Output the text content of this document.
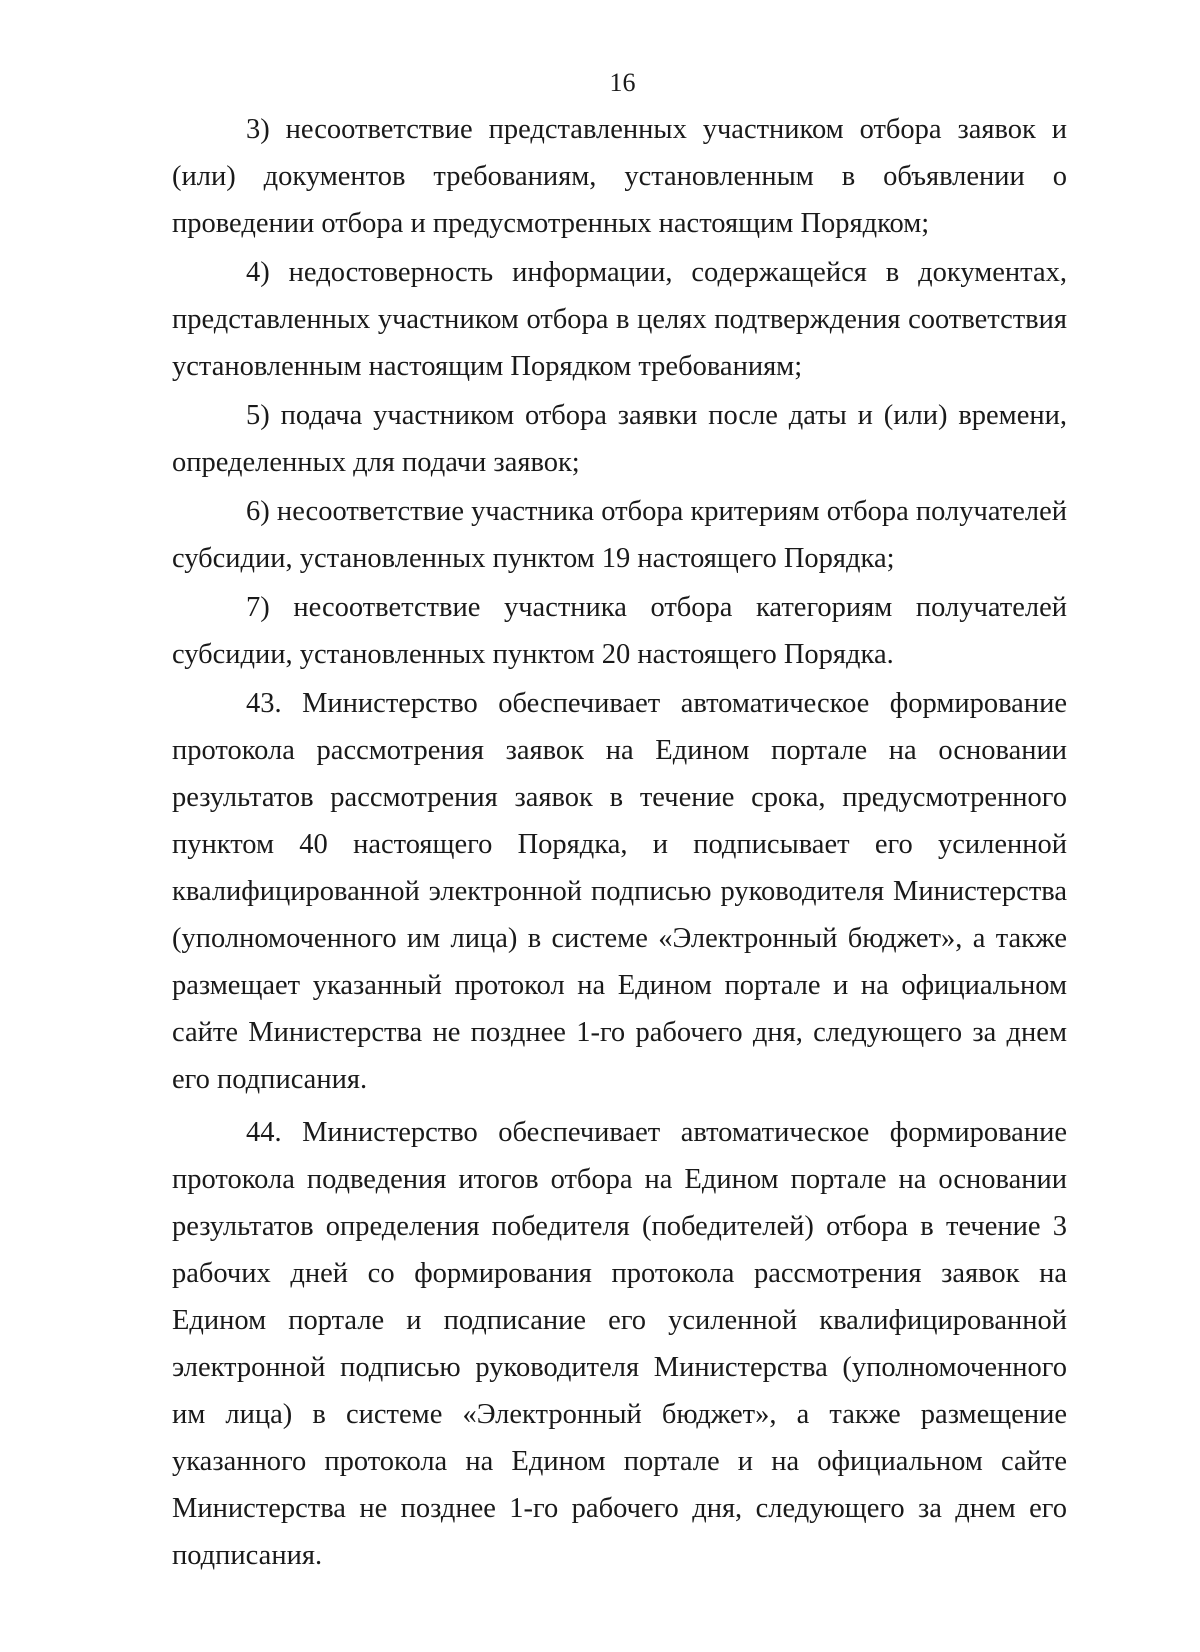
16

3) несоответствие представленных участником отбора заявок и (или) документов требованиям, установленным в объявлении о проведении отбора и предусмотренных настоящим Порядком;

4) недостоверность информации, содержащейся в документах, представленных участником отбора в целях подтверждения соответствия установленным настоящим Порядком требованиям;

5) подача участником отбора заявки после даты и (или) времени, определенных для подачи заявок;

6) несоответствие участника отбора критериям отбора получателей субсидии, установленных пунктом 19 настоящего Порядка;

7) несоответствие участника отбора категориям получателей субсидии, установленных пунктом 20 настоящего Порядка.

43. Министерство обеспечивает автоматическое формирование протокола рассмотрения заявок на Едином портале на основании результатов рассмотрения заявок в течение срока, предусмотренного пунктом 40 настоящего Порядка, и подписывает его усиленной квалифицированной электронной подписью руководителя Министерства (уполномоченного им лица) в системе «Электронный бюджет», а также размещает указанный протокол на Едином портале и на официальном сайте Министерства не позднее 1-го рабочего дня, следующего за днем его подписания.

44. Министерство обеспечивает автоматическое формирование протокола подведения итогов отбора на Едином портале на основании результатов определения победителя (победителей) отбора в течение 3 рабочих дней со формирования протокола рассмотрения заявок на Едином портале и подписание его усиленной квалифицированной электронной подписью руководителя Министерства (уполномоченного им лица) в системе «Электронный бюджет», а также размещение указанного протокола на Едином портале и на официальном сайте Министерства не позднее 1-го рабочего дня, следующего за днем его подписания.
